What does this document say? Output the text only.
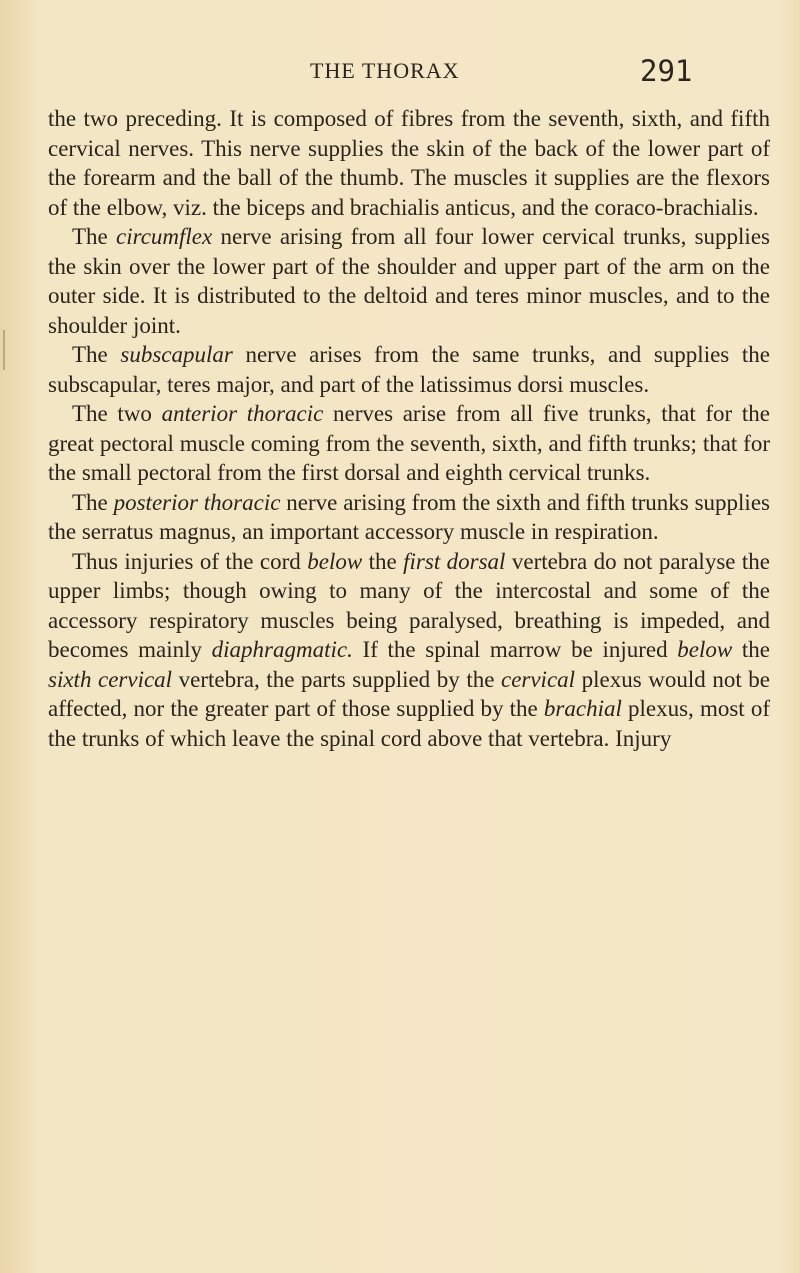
THE THORAX	291

the two preceding. It is composed of fibres from the seventh, sixth, and fifth cervical nerves. This nerve supplies the skin of the back of the lower part of the forearm and the ball of the thumb. The muscles it supplies are the flexors of the elbow, viz. the biceps and brachialis anticus, and the coraco-brachialis.

The circumflex nerve arising from all four lower cervical trunks, supplies the skin over the lower part of the shoulder and upper part of the arm on the outer side. It is distributed to the deltoid and teres minor muscles, and to the shoulder joint.

The subscapular nerve arises from the same trunks, and supplies the subscapular, teres major, and part of the latissimus dorsi muscles.

The two anterior thoracic nerves arise from all five trunks, that for the great pectoral muscle coming from the seventh, sixth, and fifth trunks; that for the small pectoral from the first dorsal and eighth cervical trunks.

The posterior thoracic nerve arising from the sixth and fifth trunks supplies the serratus magnus, an important accessory muscle in respiration.

Thus injuries of the cord below the first dorsal vertebra do not paralyse the upper limbs; though owing to many of the intercostal and some of the accessory respiratory muscles being paralysed, breathing is impeded, and becomes mainly diaphragmatic. If the spinal marrow be injured below the sixth cervical vertebra, the parts supplied by the cervical plexus would not be affected, nor the greater part of those supplied by the brachial plexus, most of the trunks of which leave the spinal cord above that vertebra. Injury
